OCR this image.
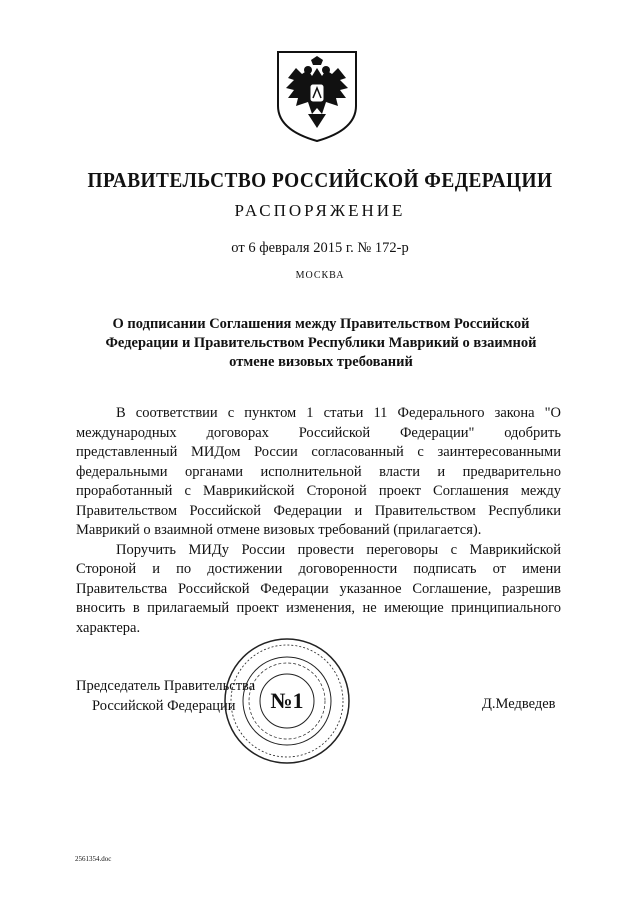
ПРАВИТЕЛЬСТВО РОССИЙСКОЙ ФЕДЕРАЦИИ
РАСПОРЯЖЕНИЕ
от 6 февраля 2015 г. № 172-р
МОСКВА
О подписании Соглашения между Правительством Российской Федерации и Правительством Республики Маврикий о взаимной отмене визовых требований

В соответствии с пунктом 1 статьи 11 Федерального закона "О международных договорах Российской Федерации" одобрить представленный МИДом России согласованный с заинтересованными федеральными органами исполнительной власти и предварительно проработанный с Маврикийской Стороной проект Соглашения между Правительством Российской Федерации и Правительством Республики Маврикий о взаимной отмене визовых требований (прилагается).

Поручить МИДу России провести переговоры с Маврикийской Стороной и по достижении договоренности подписать от имени Правительства Российской Федерации указанное Соглашение, разрешив вносить в прилагаемый проект изменения, не имеющие принципиального характера.

Председатель Правительства
Российской Федерации	№1	Д.Медведев
2561354.doc
